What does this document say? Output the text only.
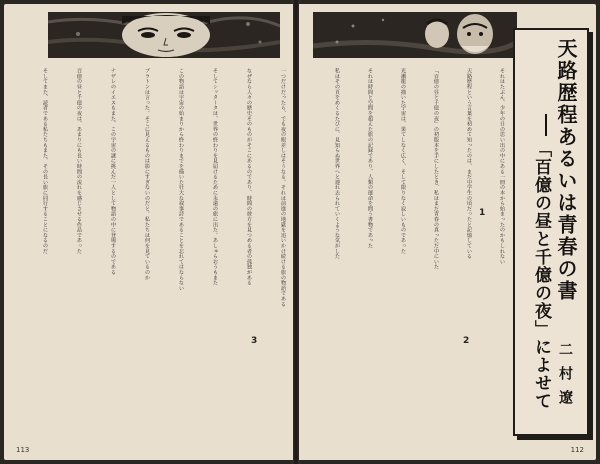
一つだけだったら、でも夜の眼差しはそうなる。それは前進の地獄を追いかけ続ける旅の物語である
なぜなら人々の歴史そのものがそこにあるのであり、時間の彼方を見つめる者の孤独がある
そしてシッタータは、世界の終わりを見届けるために永遠の旅に出た。あしゅらおうもまた
この物語は宇宙の始まりから終わりまでを描いた壮大な叙事詩であることを忘れてはならない
プラトンは言った。そこに見えるものは影にすぎないのだと。私たちは何を見ているのか
ナザレのイエスもまた、この宇宙の謎に挑んだ一人として物語の中に登場するのである
百億の昼と千億の夜は、あまりにも長い時間の流れを感じさせる作品であった
そしてまた、読者である私たちもまた、その長い旅に同行することになるのだ
3
113
それはたぶん、少年の日の思い出の中にある一冊の本から始まったのかもしれない
天路歴程という言葉を初めて知ったのは、まだ中学生の頃だったと記憶している
『百億の昼と千億の夜』の初版本を手にしたとき、私はまだ青春の真っただ中にいた
光瀬龍の描いた宇宙は、果てしなく広く、そして限りなく寂しいものであった
それは時間と空間を超えた旅の記録であり、人類の運命を問う書物であった
私はその頁をめくるたびに、見知らぬ世界へと連れ去られていくような気がした	1
2
天路歴程あるいは青春の書
「百億の昼と千億の夜」によせて 二村遼
112
